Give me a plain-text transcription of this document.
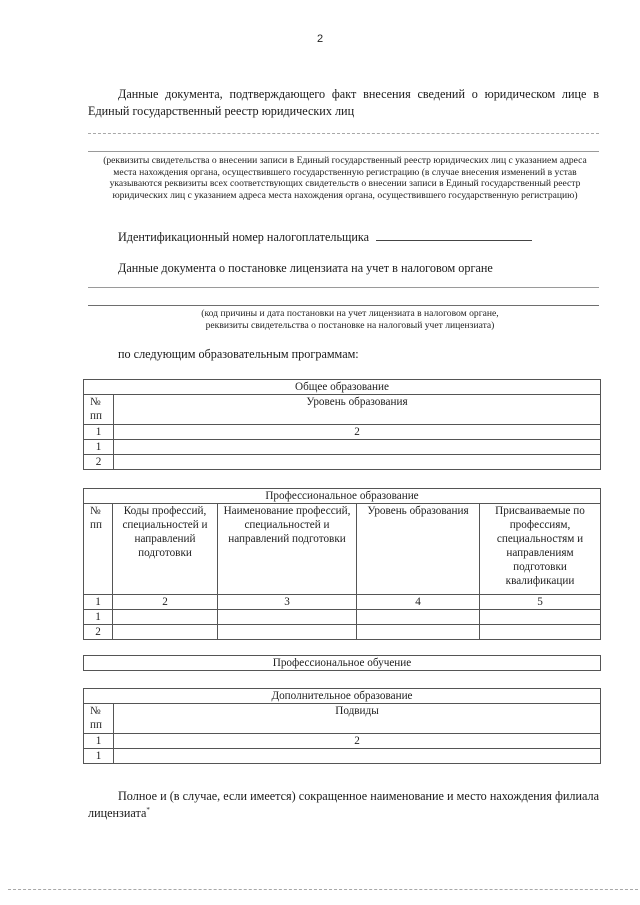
2
Данные документа, подтверждающего факт внесения сведений о юридическом лице в Единый государственный реестр юридических лиц
(реквизиты свидетельства о внесении записи в Единый государственный реестр юридических лиц с указанием адреса места нахождения органа, осуществившего государственную регистрацию (в случае внесения изменений в устав указываются реквизиты всех соответствующих свидетельств о внесении записи в Единый государственный реестр юридических лиц с указанием адреса места нахождения органа, осуществившего государственную регистрацию)
Идентификационный номер налогоплательщика
Данные документа о постановке лицензиата на учет в налоговом органе
(код причины и дата постановки на учет лицензиата в налоговом органе,
реквизиты свидетельства о постановке на налоговый учет лицензиата)
по следующим образовательным программам:
Общее образование	
№ пп	Уровень образования
1	2
1	
2	
Профессиональное образование				
№ пп	Коды профессий, специальностей и направлений подготовки	Наименование профессий, специальностей и направлений подготовки	Уровень образования	Присваиваемые по профессиям, специальностям и направлениям подготовки квалификации
1	2	3	4	5
1				
2				
Профессиональное обучение
Дополнительное образование	
№ пп	Подвиды
1	2
1	
Полное и (в случае, если имеется) сокращенное наименование и место нахождения филиала лицензиата*
